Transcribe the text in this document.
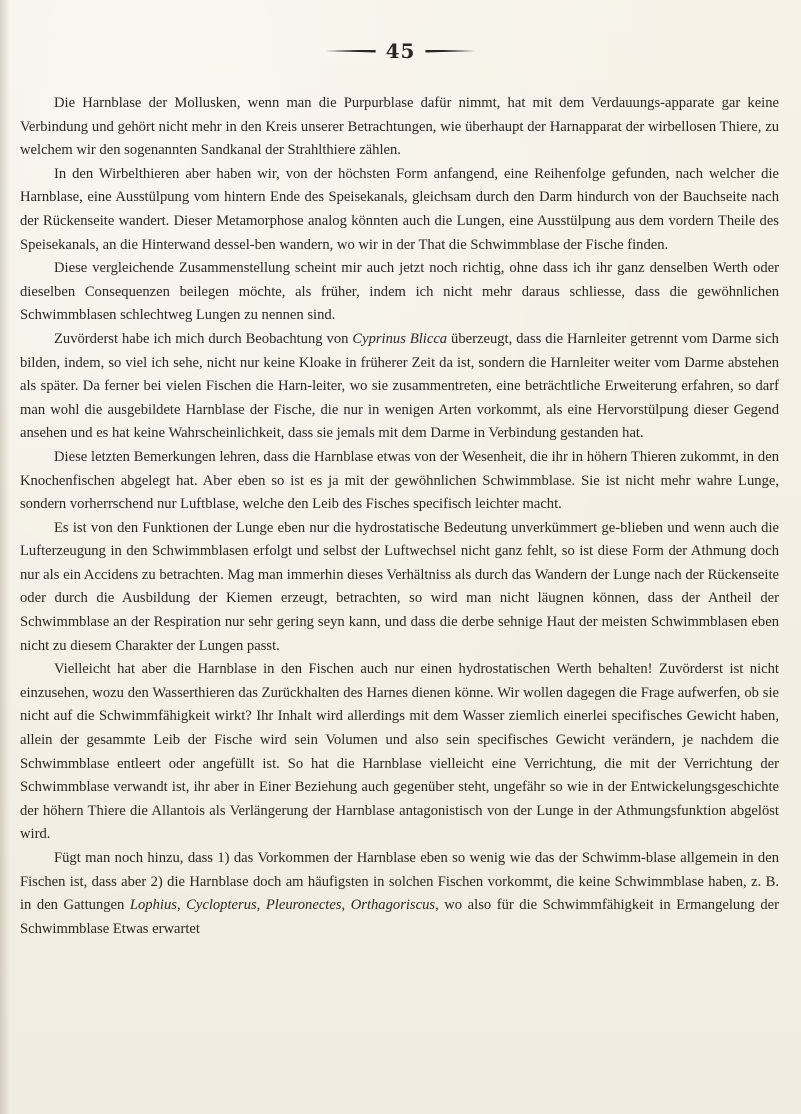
45

Die Harnblase der Mollusken, wenn man die Purpurblase dafür nimmt, hat mit dem Verdauungs-apparate gar keine Verbindung und gehört nicht mehr in den Kreis unserer Betrachtungen, wie überhaupt der Harnapparat der wirbellosen Thiere, zu welchem wir den sogenannten Sandkanal der Strahlthiere zählen.

In den Wirbelthieren aber haben wir, von der höchsten Form anfangend, eine Reihenfolge gefunden, nach welcher die Harnblase, eine Ausstülpung vom hintern Ende des Speisekanals, gleichsam durch den Darm hindurch von der Bauchseite nach der Rückenseite wandert. Dieser Metamorphose analog könnten auch die Lungen, eine Ausstülpung aus dem vordern Theile des Speisekanals, an die Hinterwand dessel-ben wandern, wo wir in der That die Schwimmblase der Fische finden.

Diese vergleichende Zusammenstellung scheint mir auch jetzt noch richtig, ohne dass ich ihr ganz denselben Werth oder dieselben Consequenzen beilegen möchte, als früher, indem ich nicht mehr daraus schliesse, dass die gewöhnlichen Schwimmblasen schlechtweg Lungen zu nennen sind.

Zuvörderst habe ich mich durch Beobachtung von Cyprinus Blicca überzeugt, dass die Harnleiter getrennt vom Darme sich bilden, indem, so viel ich sehe, nicht nur keine Kloake in früherer Zeit da ist, sondern die Harnleiter weiter vom Darme abstehen als später. Da ferner bei vielen Fischen die Harn-leiter, wo sie zusammentreten, eine beträchtliche Erweiterung erfahren, so darf man wohl die ausgebildete Harnblase der Fische, die nur in wenigen Arten vorkommt, als eine Hervorstülpung dieser Gegend ansehen und es hat keine Wahrscheinlichkeit, dass sie jemals mit dem Darme in Verbindung gestanden hat.

Diese letzten Bemerkungen lehren, dass die Harnblase etwas von der Wesenheit, die ihr in höhern Thieren zukommt, in den Knochenfischen abgelegt hat. Aber eben so ist es ja mit der gewöhnlichen Schwimmblase. Sie ist nicht mehr wahre Lunge, sondern vorherrschend nur Luftblase, welche den Leib des Fisches specifisch leichter macht.

Es ist von den Funktionen der Lunge eben nur die hydrostatische Bedeutung unverkümmert ge-blieben und wenn auch die Lufterzeugung in den Schwimmblasen erfolgt und selbst der Luftwechsel nicht ganz fehlt, so ist diese Form der Athmung doch nur als ein Accidens zu betrachten. Mag man immerhin dieses Verhältniss als durch das Wandern der Lunge nach der Rückenseite oder durch die Ausbildung der Kiemen erzeugt, betrachten, so wird man nicht läugnen können, dass der Antheil der Schwimmblase an der Respiration nur sehr gering seyn kann, und dass die derbe sehnige Haut der meisten Schwimmblasen eben nicht zu diesem Charakter der Lungen passt.

Vielleicht hat aber die Harnblase in den Fischen auch nur einen hydrostatischen Werth behalten! Zuvörderst ist nicht einzusehen, wozu den Wasserthieren das Zurückhalten des Harnes dienen könne. Wir wollen dagegen die Frage aufwerfen, ob sie nicht auf die Schwimmfähigkeit wirkt? Ihr Inhalt wird allerdings mit dem Wasser ziemlich einerlei specifisches Gewicht haben, allein der gesammte Leib der Fische wird sein Volumen und also sein specifisches Gewicht verändern, je nachdem die Schwimmblase entleert oder angefüllt ist. So hat die Harnblase vielleicht eine Verrichtung, die mit der Verrichtung der Schwimmblase verwandt ist, ihr aber in Einer Beziehung auch gegenüber steht, ungefähr so wie in der Entwickelungsgeschichte der höhern Thiere die Allantois als Verlängerung der Harnblase antagonistisch von der Lunge in der Athmungsfunktion abgelöst wird.

Fügt man noch hinzu, dass 1) das Vorkommen der Harnblase eben so wenig wie das der Schwimm-blase allgemein in den Fischen ist, dass aber 2) die Harnblase doch am häufigsten in solchen Fischen vorkommt, die keine Schwimmblase haben, z. B. in den Gattungen Lophius, Cyclopterus, Pleuronectes, Orthagoriscus, wo also für die Schwimmfähigkeit in Ermangelung der Schwimmblase Etwas erwartet
